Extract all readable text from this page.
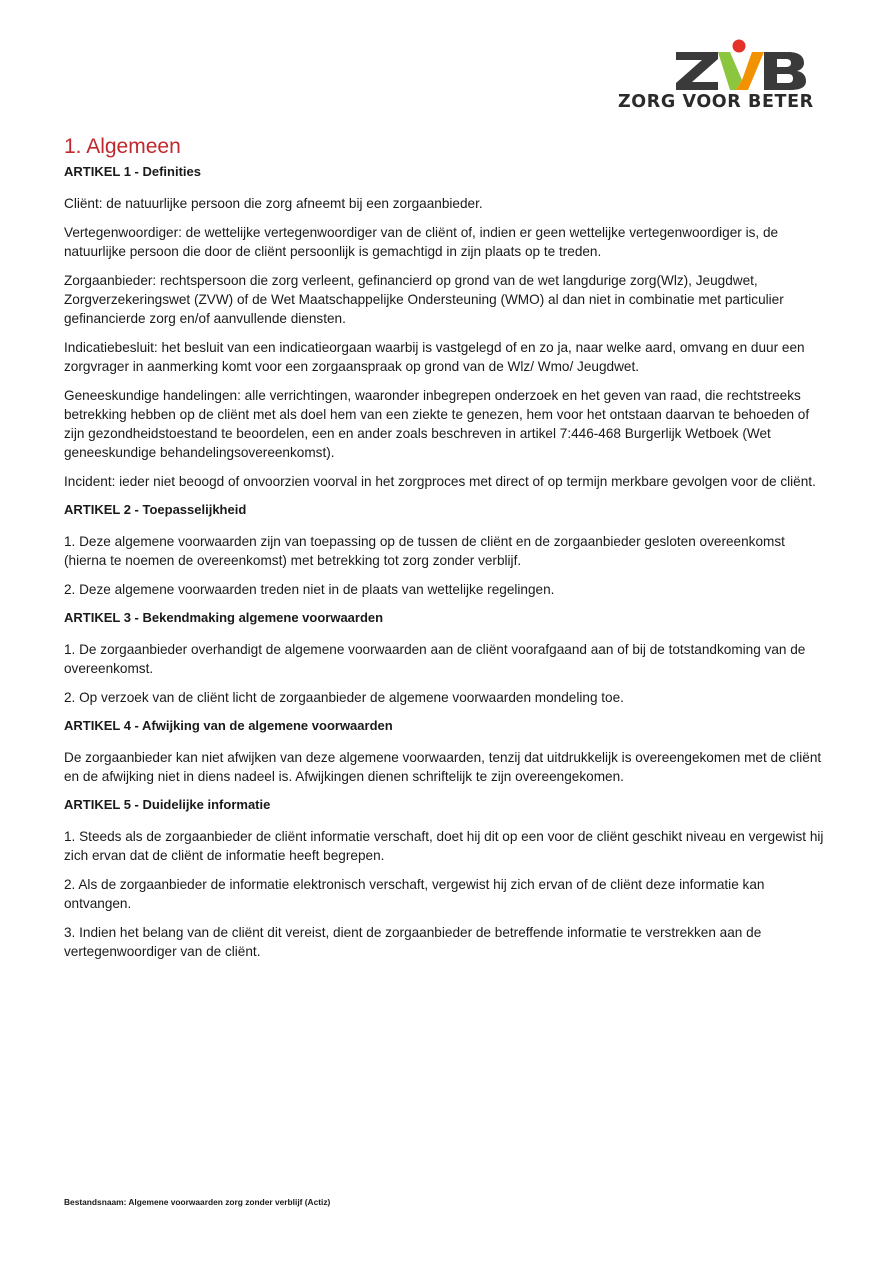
ZORG VOOR BETER
1. Algemeen
ARTIKEL 1 - Definities

Cliënt: de natuurlijke persoon die zorg afneemt bij een zorgaanbieder.

Vertegenwoordiger: de wettelijke vertegenwoordiger van de cliënt of, indien er geen wettelijke vertegenwoordiger is, de natuurlijke persoon die door de cliënt persoonlijk is gemachtigd in zijn plaats op te treden.

Zorgaanbieder: rechtspersoon die zorg verleent, gefinancierd op grond van de wet langdurige zorg(Wlz), Jeugdwet, Zorgverzekeringswet (ZVW) of de Wet Maatschappelijke Ondersteuning (WMO) al dan niet in combinatie met particulier gefinancierde zorg en/of aanvullende diensten.

Indicatiebesluit: het besluit van een indicatieorgaan waarbij is vastgelegd of en zo ja, naar welke aard, omvang en duur een zorgvrager in aanmerking komt voor een zorgaanspraak op grond van de Wlz/ Wmo/ Jeugdwet.

Geneeskundige handelingen: alle verrichtingen, waaronder inbegrepen onderzoek en het geven van raad, die rechtstreeks betrekking hebben op de cliënt met als doel hem van een ziekte te genezen, hem voor het ontstaan daarvan te behoeden of zijn gezondheidstoestand te beoordelen, een en ander zoals beschreven in artikel 7:446-468 Burgerlijk Wetboek (Wet geneeskundige behandelingsovereenkomst).

Incident: ieder niet beoogd of onvoorzien voorval in het zorgproces met direct of op termijn merkbare gevolgen voor de cliënt.

ARTIKEL 2 - Toepasselijkheid

1. Deze algemene voorwaarden zijn van toepassing op de tussen de cliënt en de zorgaanbieder gesloten overeenkomst (hierna te noemen de overeenkomst) met betrekking tot zorg zonder verblijf.

2. Deze algemene voorwaarden treden niet in de plaats van wettelijke regelingen.

ARTIKEL 3 - Bekendmaking algemene voorwaarden

1. De zorgaanbieder overhandigt de algemene voorwaarden aan de cliënt voorafgaand aan of bij de totstandkoming van de overeenkomst.

2. Op verzoek van de cliënt licht de zorgaanbieder de algemene voorwaarden mondeling toe.

ARTIKEL 4 - Afwijking van de algemene voorwaarden

De zorgaanbieder kan niet afwijken van deze algemene voorwaarden, tenzij dat uitdrukkelijk is overeengekomen met de cliënt en de afwijking niet in diens nadeel is. Afwijkingen dienen schriftelijk te zijn overeengekomen.

ARTIKEL 5 - Duidelijke informatie

1. Steeds als de zorgaanbieder de cliënt informatie verschaft, doet hij dit op een voor de cliënt geschikt niveau en vergewist hij zich ervan dat de cliënt de informatie heeft begrepen.

2. Als de zorgaanbieder de informatie elektronisch verschaft, vergewist hij zich ervan of de cliënt deze informatie kan ontvangen.

3. Indien het belang van de cliënt dit vereist, dient de zorgaanbieder de betreffende informatie te verstrekken aan de vertegenwoordiger van de cliënt.

Bestandsnaam: Algemene voorwaarden zorg zonder verblijf (Actiz)
